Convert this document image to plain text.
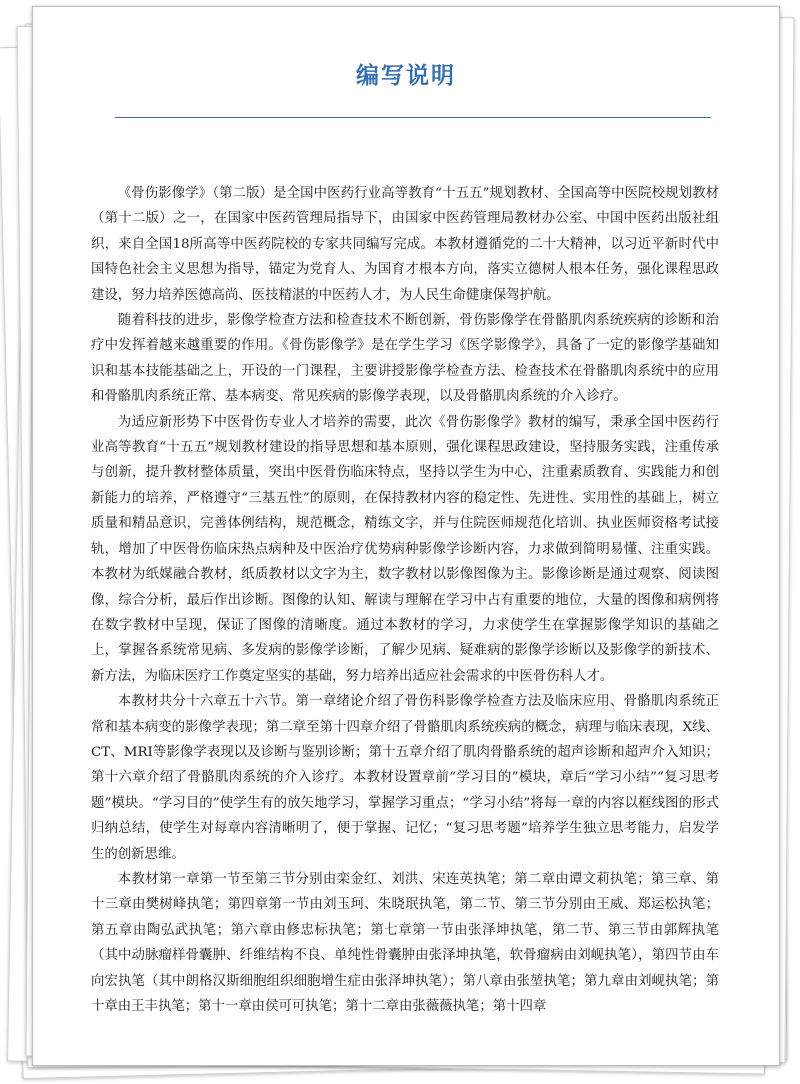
编写说明

《骨伤影像学》（第二版）是全国中医药行业高等教育“十五五”规划教材、全国高等中医院校规划教材（第十二版）之一，在国家中医药管理局指导下，由国家中医药管理局教材办公室、中国中医药出版社组织，来自全国18所高等中医药院校的专家共同编写完成。本教材遵循党的二十大精神，以习近平新时代中国特色社会主义思想为指导，锚定为党育人、为国育才根本方向，落实立德树人根本任务，强化课程思政建设，努力培养医德高尚、医技精湛的中医药人才，为人民生命健康保驾护航。

随着科技的进步，影像学检查方法和检查技术不断创新，骨伤影像学在骨骼肌肉系统疾病的诊断和治疗中发挥着越来越重要的作用。《骨伤影像学》是在学生学习《医学影像学》，具备了一定的影像学基础知识和基本技能基础之上，开设的一门课程，主要讲授影像学检查方法、检查技术在骨骼肌肉系统中的应用和骨骼肌肉系统正常、基本病变、常见疾病的影像学表现，以及骨骼肌肉系统的介入诊疗。

为适应新形势下中医骨伤专业人才培养的需要，此次《骨伤影像学》教材的编写，秉承全国中医药行业高等教育“十五五”规划教材建设的指导思想和基本原则，强化课程思政建设，坚持服务实践，注重传承与创新，提升教材整体质量，突出中医骨伤临床特点，坚持以学生为中心，注重素质教育、实践能力和创新能力的培养，严格遵守“三基五性”的原则，在保持教材内容的稳定性、先进性、实用性的基础上，树立质量和精品意识，完善体例结构，规范概念，精练文字，并与住院医师规范化培训、执业医师资格考试接轨，增加了中医骨伤临床热点病种及中医治疗优势病种影像学诊断内容，力求做到简明易懂、注重实践。本教材为纸媒融合教材，纸质教材以文字为主，数字教材以影像图像为主。影像诊断是通过观察、阅读图像，综合分析，最后作出诊断。图像的认知、解读与理解在学习中占有重要的地位，大量的图像和病例将在数字教材中呈现，保证了图像的清晰度。通过本教材的学习，力求使学生在掌握影像学知识的基础之上，掌握各系统常见病、多发病的影像学诊断，了解少见病、疑难病的影像学诊断以及影像学的新技术、新方法，为临床医疗工作奠定坚实的基础，努力培养出适应社会需求的中医骨伤科人才。

本教材共分十六章五十六节。第一章绪论介绍了骨伤科影像学检查方法及临床应用、骨骼肌肉系统正常和基本病变的影像学表现；第二章至第十四章介绍了骨骼肌肉系统疾病的概念，病理与临床表现，X线、CT、MRI等影像学表现以及诊断与鉴别诊断；第十五章介绍了肌肉骨骼系统的超声诊断和超声介入知识；第十六章介绍了骨骼肌肉系统的介入诊疗。本教材设置章前“学习目的”模块，章后“学习小结”“复习思考题”模块。“学习目的”使学生有的放矢地学习，掌握学习重点；“学习小结”将每一章的内容以框线图的形式归纳总结，使学生对每章内容清晰明了，便于掌握、记忆；“复习思考题”培养学生独立思考能力，启发学生的创新思维。

本教材第一章第一节至第三节分别由栾金红、刘洪、宋连英执笔；第二章由谭文莉执笔；第三章、第十三章由樊树峰执笔；第四章第一节由刘玉珂、朱晓珉执笔，第二节、第三节分别由王威、郑运松执笔；第五章由陶弘武执笔；第六章由修忠标执笔；第七章第一节由张泽坤执笔，第二节、第三节由郭辉执笔（其中动脉瘤样骨囊肿、纤维结构不良、单纯性骨囊肿由张泽坤执笔，软骨瘤病由刘岘执笔），第四节由车向宏执笔（其中朗格汉斯细胞组织细胞增生症由张泽坤执笔）；第八章由张堃执笔；第九章由刘岘执笔；第十章由王丰执笔；第十一章由侯可可执笔；第十二章由张薇薇执笔；第十四章
